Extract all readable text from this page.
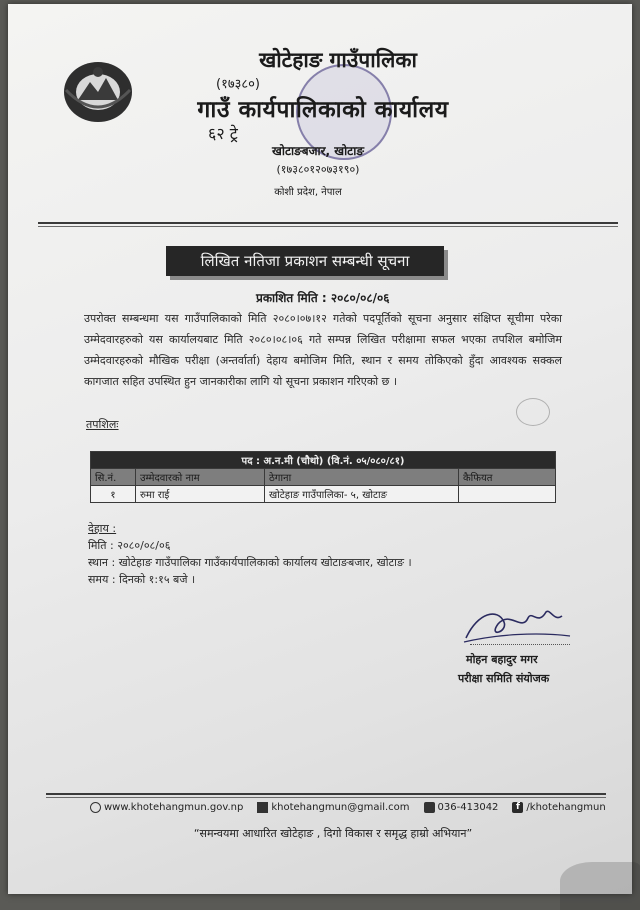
खोटेहाङ गाउँपालिका
(१७३८०)
गाउँ कार्यपालिकाको कार्यालय
६२ ट्रे
खोटाङबजार, खोटाङ
(१७३८०१२०७३१९०)
कोशी प्रदेश, नेपाल
लिखित नतिजा प्रकाशन सम्बन्धी सूचना
प्रकाशित मिति : २०८०/०८/०६
उपरोक्त सम्बन्धमा यस गाउँपालिकाको मिति २०८०।०७।१२ गतेको पदपूर्तिको सूचना अनुसार संक्षिप्त सूचीमा परेका उम्मेदवारहरुको यस कार्यालयबाट मिति २०८०।०८।०६ गते सम्पन्न लिखित परीक्षामा सफल भएका तपशिल बमोजिम उम्मेदवारहरुको मौखिक परीक्षा (अन्तर्वार्ता) देहाय बमोजिम मिति, स्थान र समय तोकिएको हुँदा आवश्यक सक्कल कागजात सहित उपस्थित हुन जानकारीका लागि यो सूचना प्रकाशन गरिएको छ ।
तपशिलः
पद : अ.न.मी (चौथो) (वि.नं. ०५/०८०/८१)			
सि.नं.	उम्मेदवारको नाम	ठेगाना	कैफियत
१	रुमा राई	खोटेहाङ गाउँपालिका- ५, खोटाङ	
देहाय :
मिति : २०८०/०८/०६
स्थान : खोटेहाङ गाउँपालिका गाउँकार्यपालिकाको कार्यालय खोटाङबजार, खोटाङ ।
समय : दिनको १:१५ बजे ।
मोहन बहादुर मगर
परीक्षा समिति संयोजक
www.khotehangmun.gov.np	khotehangmun@gmail.com	036-413042	f /khotehangmun
“समन्वयमा आधारित खोटेहाङ , दिगो विकास र समृद्ध हाम्रो अभियान”
